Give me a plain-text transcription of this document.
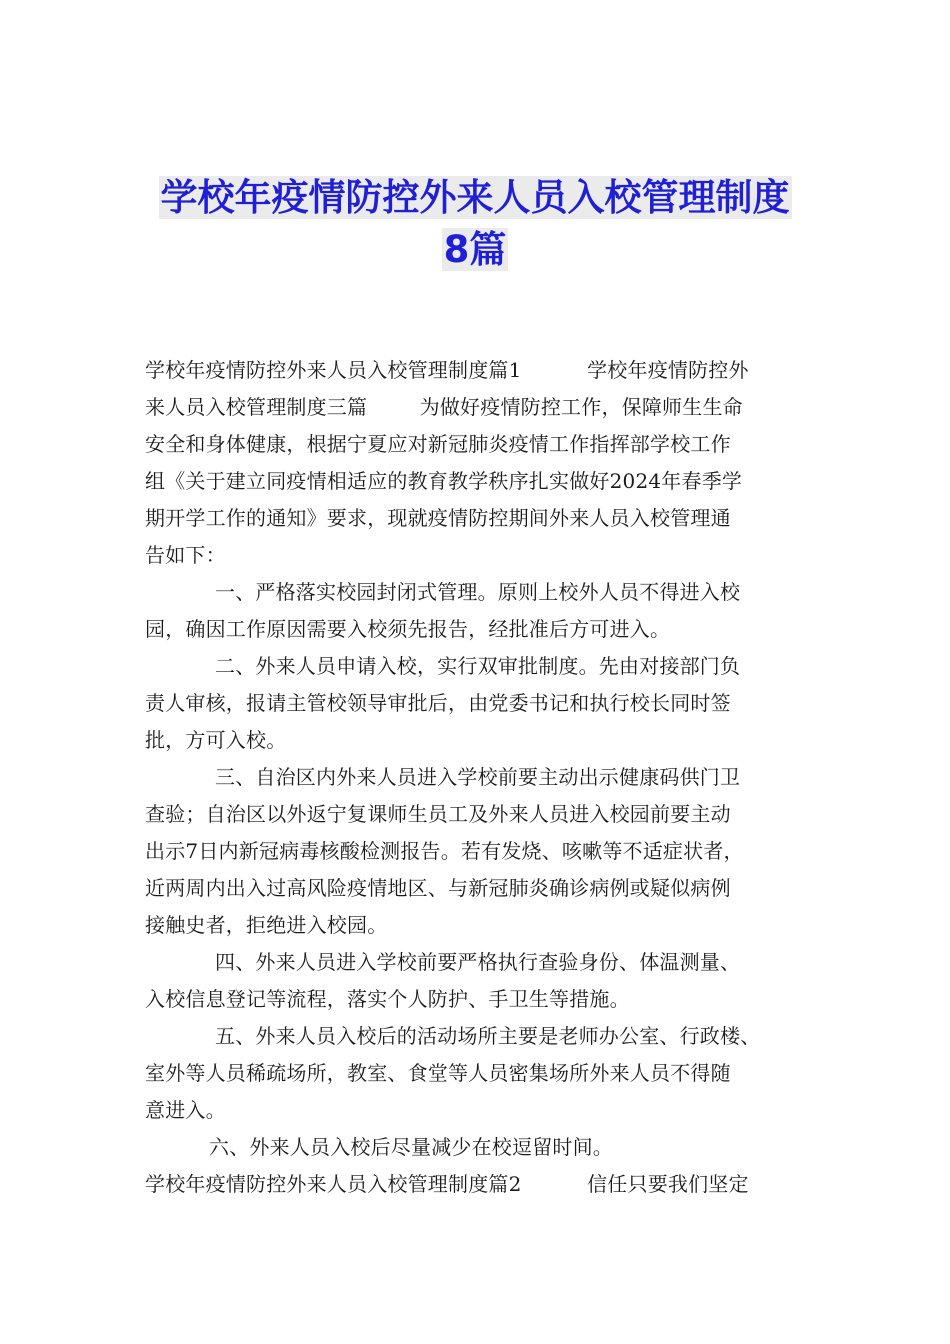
学校年疫情防控外来人员入校管理制度
8篇
学校年疫情防控外来人员入校管理制度篇1          学校年疫情防控外
来人员入校管理制度三篇        为做好疫情防控工作，保障师生生命
安全和身体健康，根据宁夏应对新冠肺炎疫情工作指挥部学校工作
组《关于建立同疫情相适应的教育教学秩序扎实做好2024年春季学
期开学工作的通知》要求，现就疫情防控期间外来人员入校管理通
告如下：
一、严格落实校园封闭式管理。原则上校外人员不得进入校
园，确因工作原因需要入校须先报告，经批准后方可进入。
二、外来人员申请入校，实行双审批制度。先由对接部门负
责人审核，报请主管校领导审批后，由党委书记和执行校长同时签
批，方可入校。
三、自治区内外来人员进入学校前要主动出示健康码供门卫
查验；自治区以外返宁复课师生员工及外来人员进入校园前要主动
出示7日内新冠病毒核酸检测报告。若有发烧、咳嗽等不适症状者，
近两周内出入过高风险疫情地区、与新冠肺炎确诊病例或疑似病例
接触史者，拒绝进入校园。
四、外来人员进入学校前要严格执行查验身份、体温测量、
入校信息登记等流程，落实个人防护、手卫生等措施。
五、外来人员入校后的活动场所主要是老师办公室、行政楼、
室外等人员稀疏场所，教室、食堂等人员密集场所外来人员不得随
意进入。
六、外来人员入校后尽量减少在校逗留时间。
学校年疫情防控外来人员入校管理制度篇2          信任只要我们坚定
